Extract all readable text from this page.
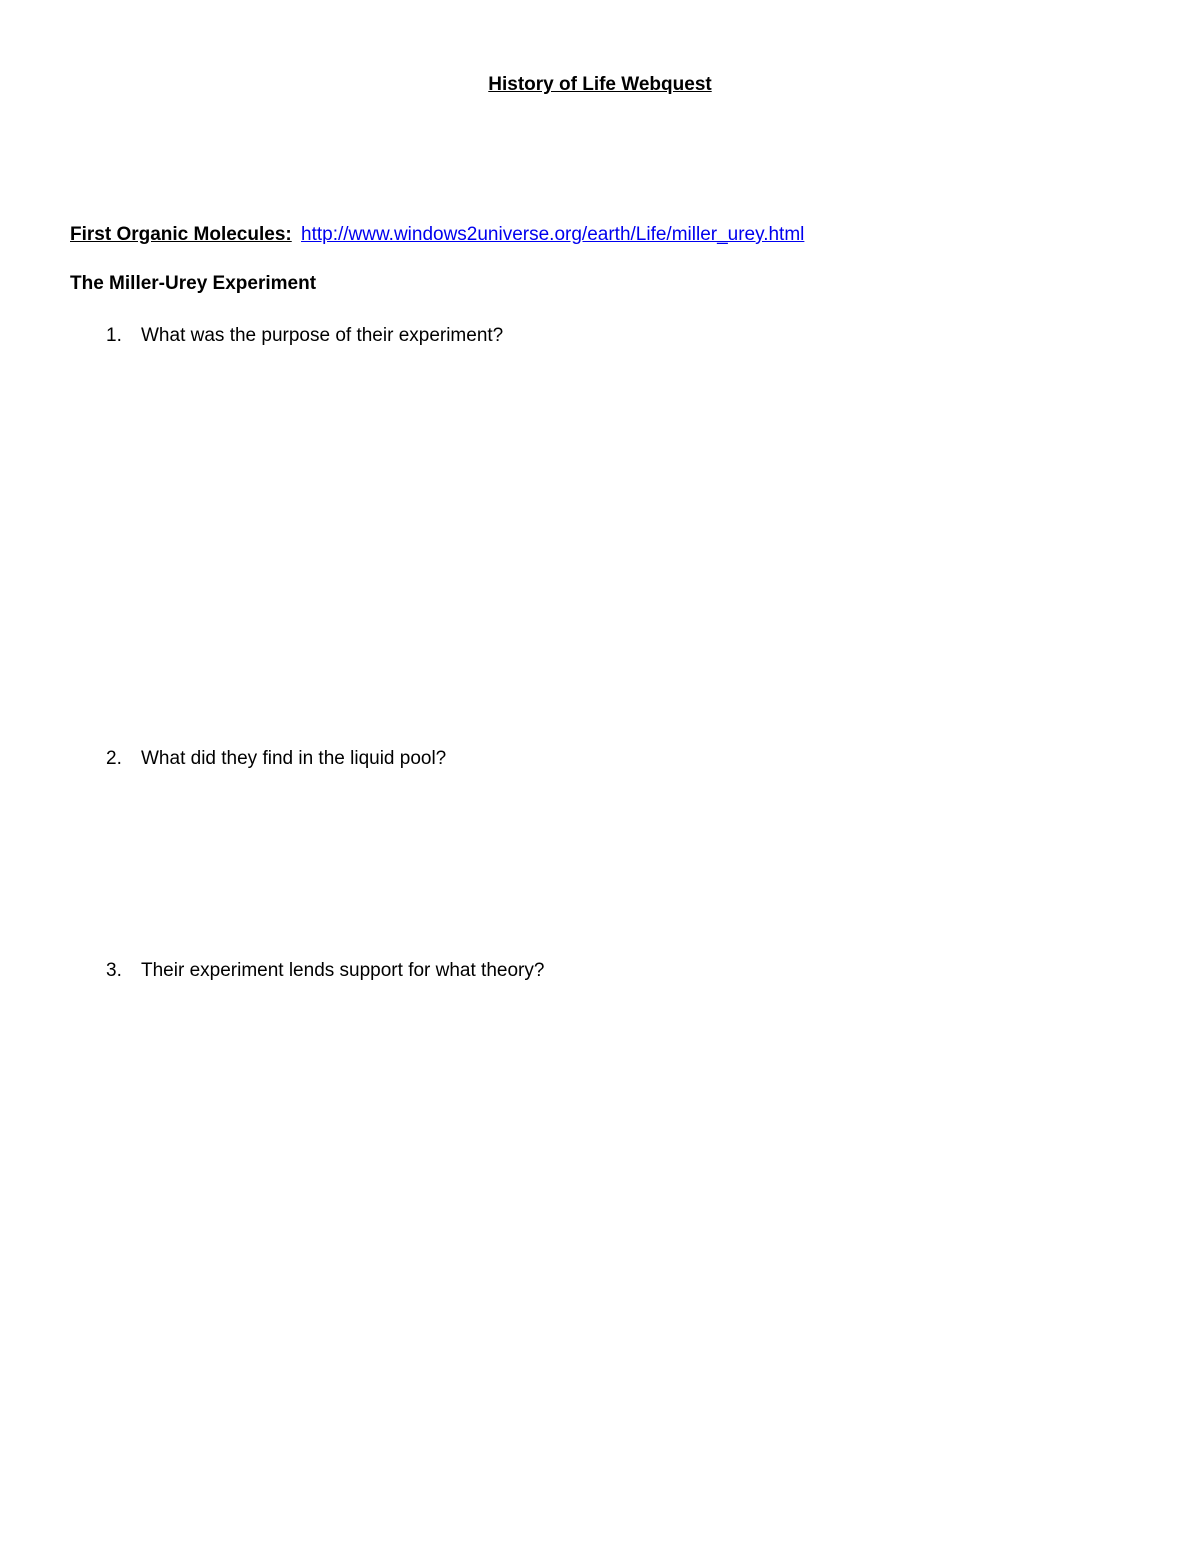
History of Life Webquest
First Organic Molecules: http://www.windows2universe.org/earth/Life/miller_urey.html
The Miller-Urey Experiment
1. What was the purpose of their experiment?
2. What did they find in the liquid pool?
3. Their experiment lends support for what theory?
